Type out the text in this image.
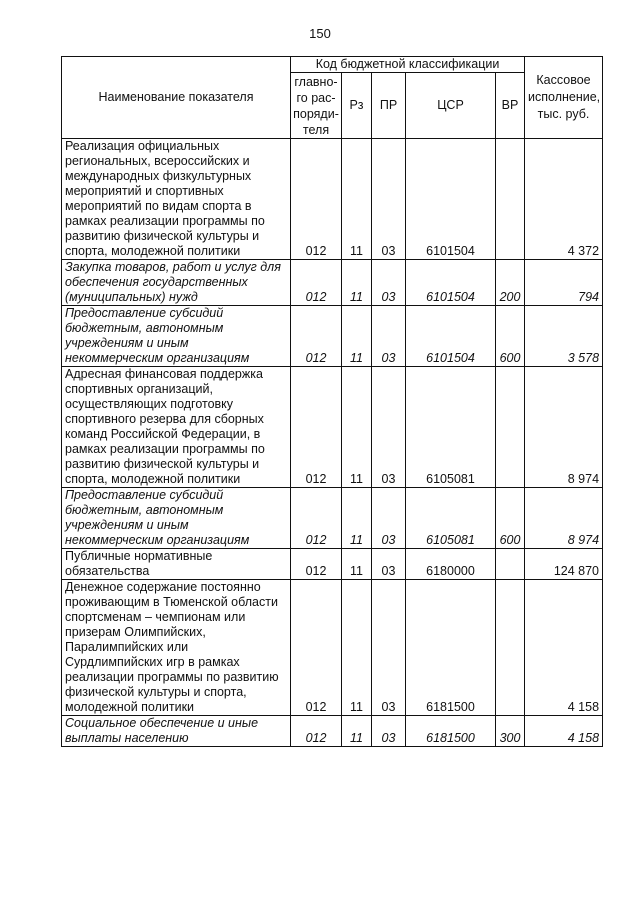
150
Наименование показателя	Код бюджетной классификации					Кассовое исполнение, тыс. руб.
	главно-го рас-поряди-теля	Рз	ПР	ЦСР	ВР	
Реализация официальных региональных, всероссийских и международных физкультурных мероприятий и спортивных мероприятий по видам спорта в рамках реализации программы по развитию физической культуры и спорта, молодежной политики	012	11	03	6101504		4 372
Закупка товаров, работ и услуг для обеспечения государственных (муниципальных) нужд	012	11	03	6101504	200	794
Предоставление субсидий бюджетным, автономным учреждениям и иным некоммерческим организациям	012	11	03	6101504	600	3 578
Адресная финансовая поддержка спортивных организаций, осуществляющих подготовку спортивного резерва для сборных команд Российской Федерации, в рамках реализации программы по развитию физической культуры и спорта, молодежной политики	012	11	03	6105081		8 974
Предоставление субсидий бюджетным, автономным учреждениям и иным некоммерческим организациям	012	11	03	6105081	600	8 974
Публичные нормативные обязательства	012	11	03	6180000		124 870
Денежное содержание постоянно проживающим в Тюменской области спортсменам – чемпионам или призерам Олимпийских, Паралимпийских или Сурдлимпийских игр в рамках реализации программы по развитию физической культуры и спорта, молодежной политики	012	11	03	6181500		4 158
Социальное обеспечение и иные выплаты населению	012	11	03	6181500	300	4 158
